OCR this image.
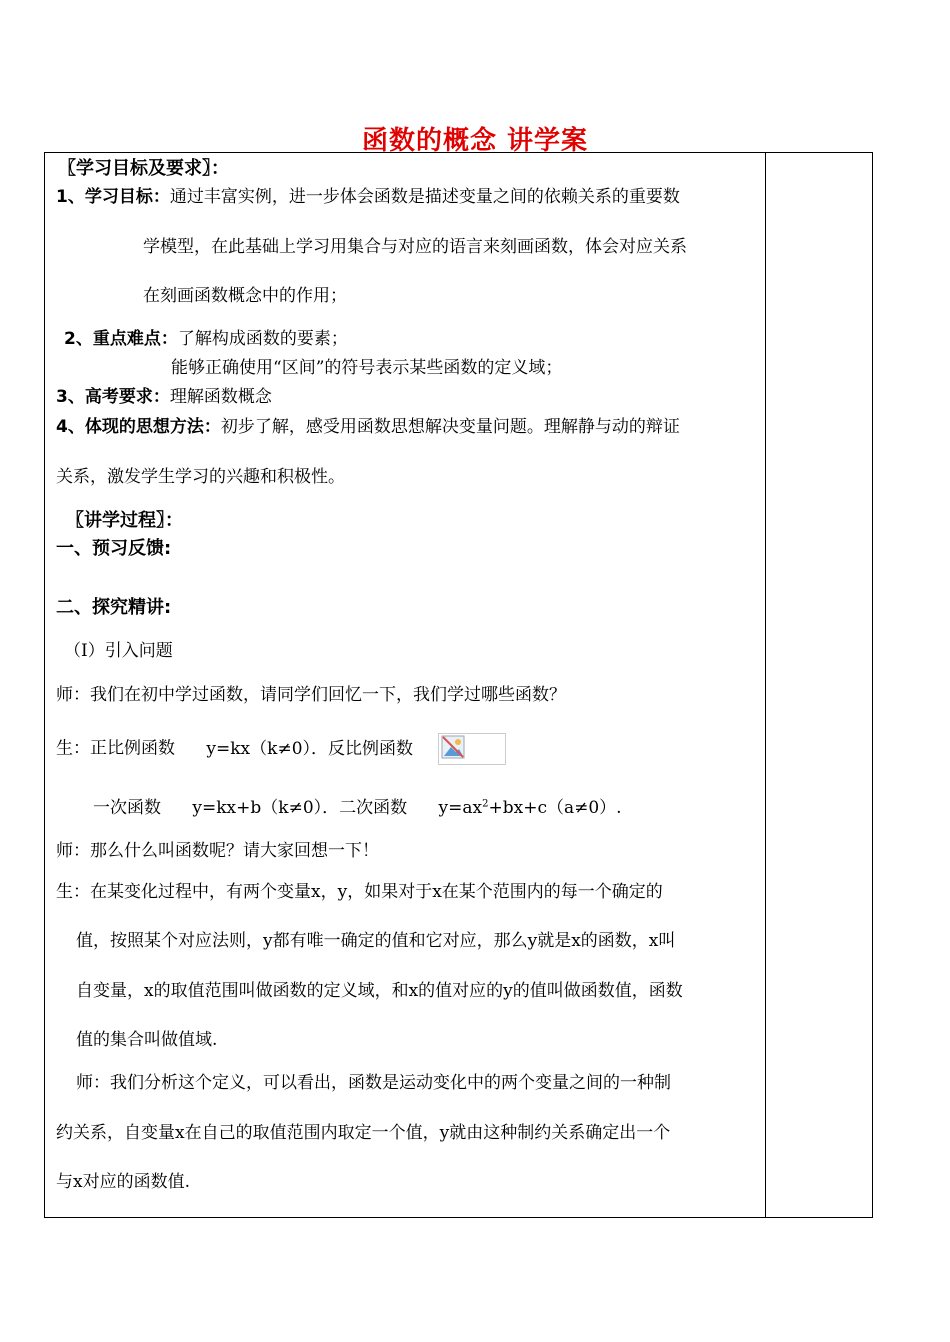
函数的概念 讲学案
〖学习目标及要求〗：
1、学习目标：通过丰富实例，进一步体会函数是描述变量之间的依赖关系的重要数
学模型，在此基础上学习用集合与对应的语言来刻画函数，体会对应关系
在刻画函数概念中的作用；
2、重点难点：了解构成函数的要素；
能够正确使用“区间”的符号表示某些函数的定义域；
3、高考要求：理解函数概念
4、体现的思想方法：初步了解，感受用函数思想解决变量问题。理解静与动的辩证
关系，激发学生学习的兴趣和积极性。
〖讲学过程〗：
一、预习反馈:
二、探究精讲:
（Ⅰ）引入问题
师：我们在初中学过函数，请同学们回忆一下，我们学过哪些函数？
生：正比例函数 y=kx（k≠0）．反比例函数
一次函数 y=kx+b（k≠0）．二次函数 $y=ax^2+bx+c(a\ne 0)$.
师：那么什么叫函数呢？请大家回想一下！
生：在某变化过程中，有两个变量x，y，如果对于x在某个范围内的每一个确定的
值，按照某个对应法则，y都有唯一确定的值和它对应，那么y就是x的函数，x叫
自变量，x的取值范围叫做函数的定义域，和x的值对应的y的值叫做函数值，函数
值的集合叫做值域.
师：我们分析这个定义，可以看出，函数是运动变化中的两个变量之间的一种制
约关系，自变量x在自己的取值范围内取定一个值，y就由这种制约关系确定出一个
与x对应的函数值.
